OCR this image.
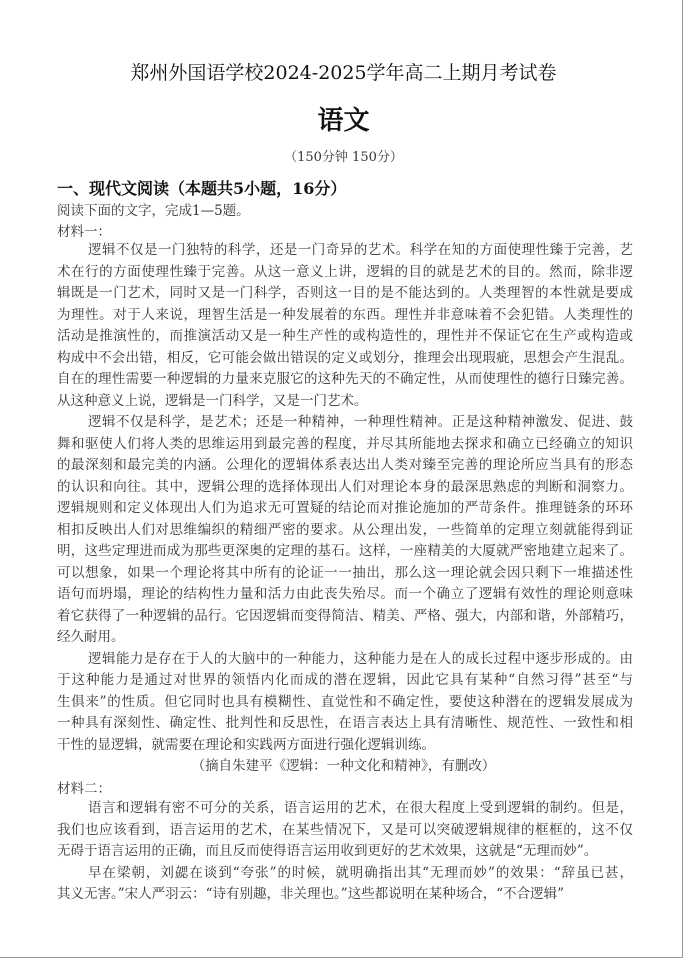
郑州外国语学校2024-2025学年高二上期月考试卷
语文
（150分钟 150分）
一、现代文阅读（本题共5小题，16分）
阅读下面的文字，完成1—5题。
材料一：
逻辑不仅是一门独特的科学，还是一门奇异的艺术。科学在知的方面使理性臻于完善，艺
术在行的方面使理性臻于完善。从这一意义上讲，逻辑的目的就是艺术的目的。然而，除非逻
辑既是一门艺术，同时又是一门科学，否则这一目的是不能达到的。人类理智的本性就是要成
为理性。对于人来说，理智生活是一种发展着的东西。理性并非意味着不会犯错。人类理性的
活动是推演性的，而推演活动又是一种生产性的或构造性的，理性并不保证它在生产或构造或
构成中不会出错，相反，它可能会做出错误的定义或划分，推理会出现瑕疵，思想会产生混乱。
自在的理性需要一种逻辑的力量来克服它的这种先天的不确定性，从而使理性的德行日臻完善。
从这种意义上说，逻辑是一门科学，又是一门艺术。
逻辑不仅是科学，是艺术；还是一种精神，一种理性精神。正是这种精神激发、促进、鼓
舞和驱使人们将人类的思维运用到最完善的程度，并尽其所能地去探求和确立已经确立的知识
的最深刻和最完美的内涵。公理化的逻辑体系表达出人类对臻至完善的理论所应当具有的形态
的认识和向往。其中，逻辑公理的选择体现出人们对理论本身的最深思熟虑的判断和洞察力。
逻辑规则和定义体现出人们为追求无可置疑的结论而对推论施加的严苛条件。推理链条的环环
相扣反映出人们对思维编织的精细严密的要求。从公理出发，一些简单的定理立刻就能得到证
明，这些定理进而成为那些更深奥的定理的基石。这样，一座精美的大厦就严密地建立起来了。
可以想象，如果一个理论将其中所有的论证一一抽出，那么这一理论就会因只剩下一堆描述性
语句而坍塌，理论的结构性力量和活力由此丧失殆尽。而一个确立了逻辑有效性的理论则意味
着它获得了一种逻辑的品行。它因逻辑而变得简洁、精美、严格、强大，内部和谐，外部精巧，
经久耐用。
逻辑能力是存在于人的大脑中的一种能力，这种能力是在人的成长过程中逐步形成的。由
于这种能力是通过对世界的领悟内化而成的潜在逻辑，因此它具有某种“自然习得”甚至“与
生俱来”的性质。但它同时也具有模糊性、直觉性和不确定性，要使这种潜在的逻辑发展成为
一种具有深刻性、确定性、批判性和反思性，在语言表达上具有清晰性、规范性、一致性和相
干性的显逻辑，就需要在理论和实践两方面进行强化逻辑训练。
（摘自朱建平《逻辑：一种文化和精神》，有删改）
材料二：
语言和逻辑有密不可分的关系，语言运用的艺术，在很大程度上受到逻辑的制约。但是，
我们也应该看到，语言运用的艺术，在某些情况下，又是可以突破逻辑规律的框框的，这不仅
无碍于语言运用的正确，而且反而使得语言运用收到更好的艺术效果，这就是“无理而妙”。
早在梁朝，刘勰在谈到“夸张”的时候，就明确指出其“无理而妙”的效果：“辞虽已甚，
其义无害。”宋人严羽云：“诗有别趣，非关理也。”这些都说明在某种场合，“不合逻辑”
